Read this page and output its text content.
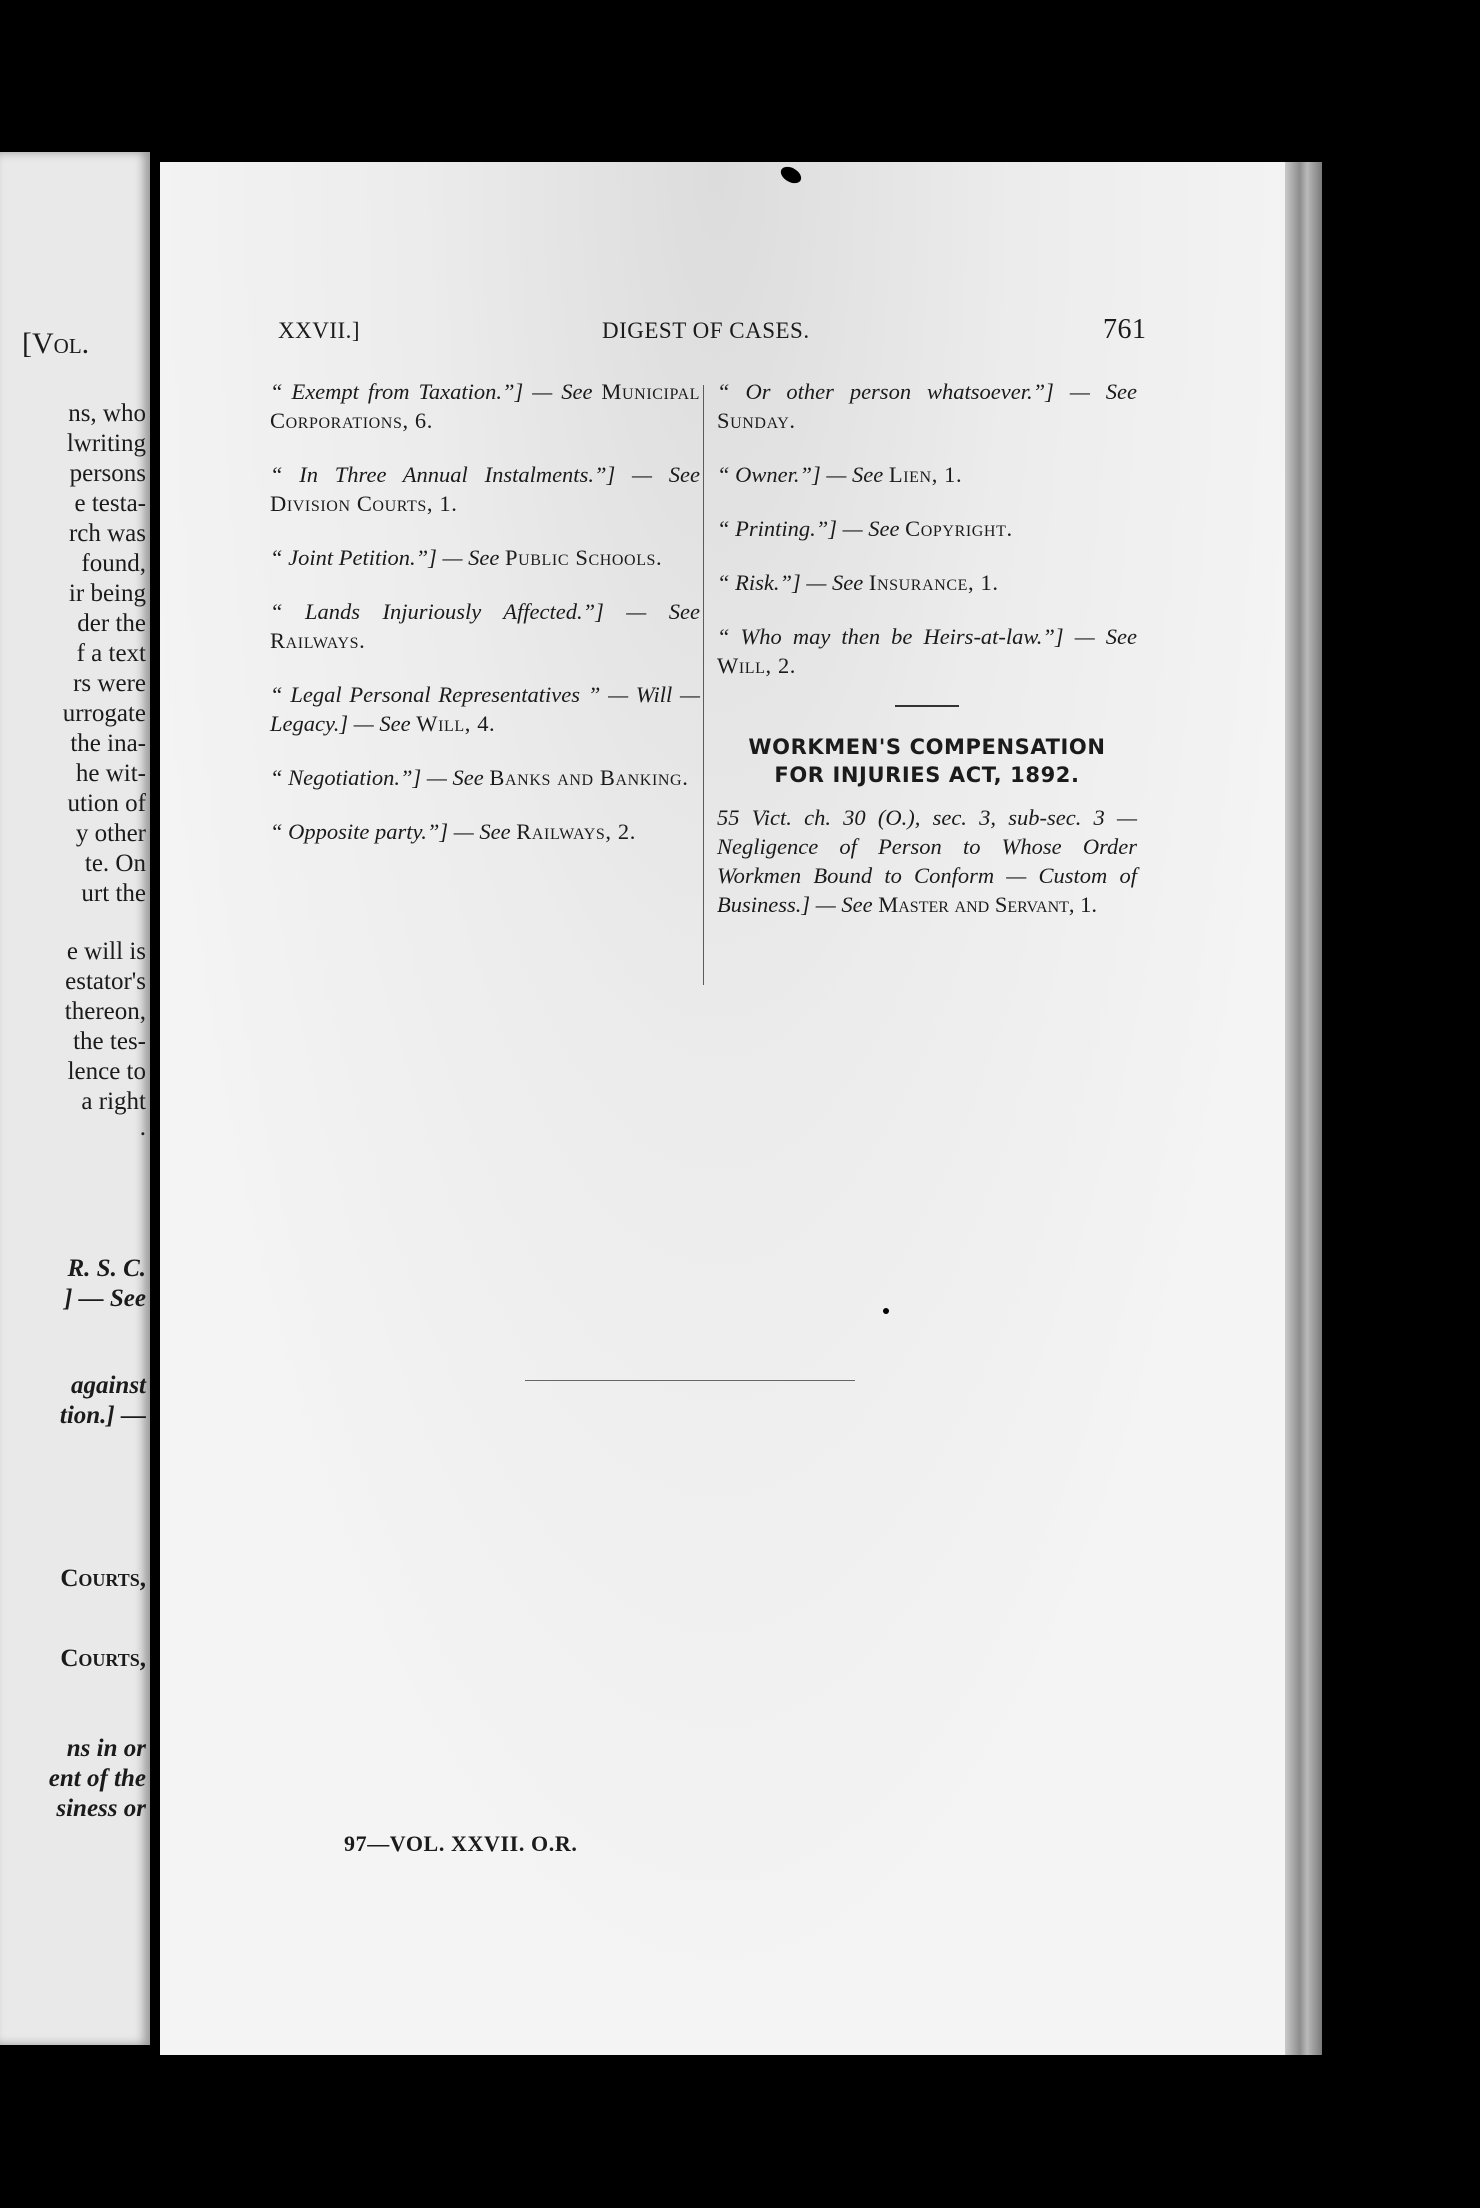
[Vol.

ns, who

lwriting

persons

e testa-

rch was

found,

ir being

der the

f a text

rs were

urrogate

the ina-

he wit-

ution of

y other

te. On

urt the

e will is

estator's

thereon,

the tes-

lence to

a right

.

R. S. C.

] — See

against

tion.] —

Courts,

Courts,

ns in or

ent of the

siness or

XXVII.]	DIGEST OF CASES.	761

“ Exempt from Taxation.”] — See Municipal Corporations, 6.

“ In Three Annual Instalments.”] — See Division Courts, 1.

“ Joint Petition.”] — See Public Schools.

“ Lands Injuriously Affected.”] — See Railways.

“ Legal Personal Representatives ” — Will — Legacy.] — See Will, 4.

“ Negotiation.”] — See Banks and Banking.

“ Opposite party.”] — See Railways, 2.

“ Or other person whatsoever.”] — See Sunday.

“ Owner.”] — See Lien, 1.

“ Printing.”] — See Copyright.

“ Risk.”] — See Insurance, 1.

“ Who may then be Heirs-at-law.”] — See Will, 2.

WORKMEN'S COMPENSATION
FOR INJURIES ACT, 1892.

55 Vict. ch. 30 (O.), sec. 3, sub-sec. 3 — Negligence of Person to Whose Order Workmen Bound to Conform — Custom of Business.] — See Master and Servant, 1.

97—VOL. XXVII. O.R.
